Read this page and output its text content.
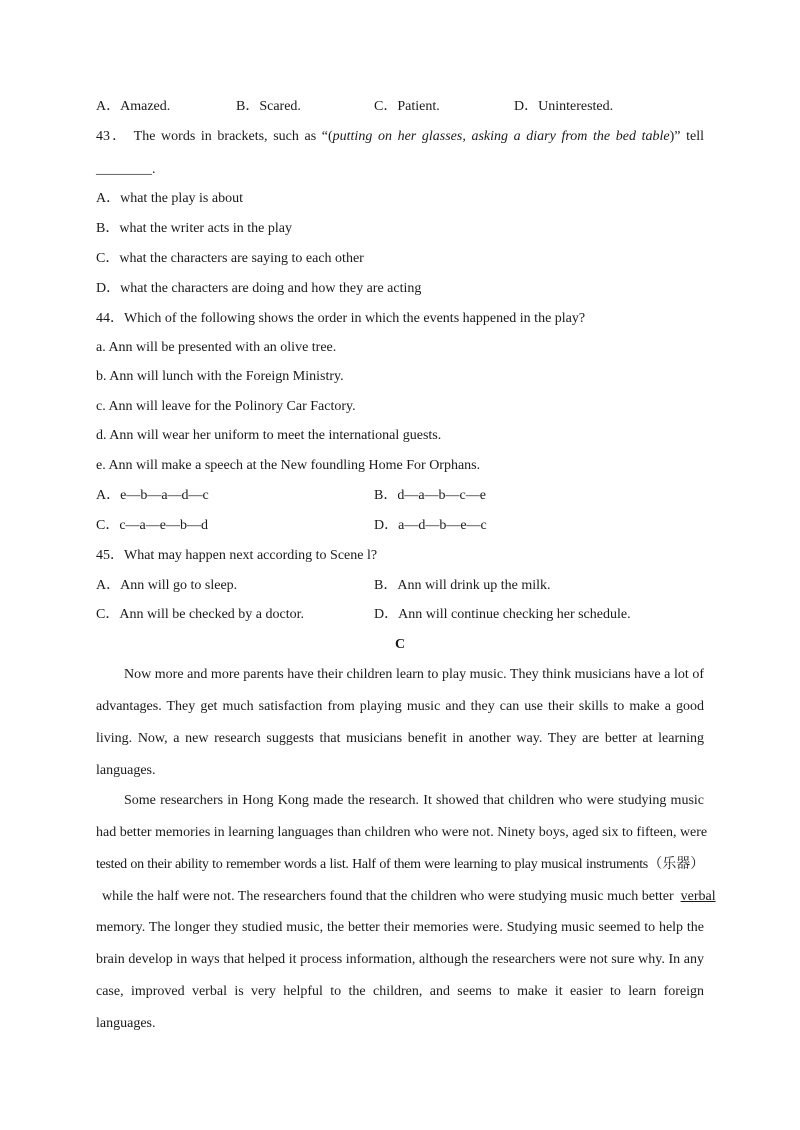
A．Amazed.	B．Scared.	C．Patient.	D．Uninterested.
43． The words in brackets, such as “(putting on her glasses, asking a diary from the bed table)” tell
________.
A．what the play is about
B．what the writer acts in the play
C．what the characters are saying to each other
D．what the characters are doing and how they are acting
44．Which of the following shows the order in which the events happened in the play?
a. Ann will be presented with an olive tree.
b. Ann will lunch with the Foreign Ministry.
c. Ann will leave for the Polinory Car Factory.
d. Ann will wear her uniform to meet the international guests.
e. Ann will make a speech at the New foundling Home For Orphans.
A．e—b—a—d—c	B．d—a—b—c—e
C．c—a—e—b—d	D．a—d—b—e—c
45．What may happen next according to Scene l?
A．Ann will go to sleep.	B．Ann will drink up the milk.
C．Ann will be checked by a doctor.	D．Ann will continue checking her schedule.
C
Now more and more parents have their children learn to play music. They think musicians have a lot of
advantages. They get much satisfaction from playing music and they can use their skills to make a good
living. Now, a new research suggests that musicians benefit in another way. They are better at learning
languages.
Some researchers in Hong Kong made the research. It showed that children who were studying music
had better memories in learning languages than children who were not. Ninety boys, aged six to fifteen, were
tested on their ability to remember words a list. Half of them were learning to play musical instruments（乐器）
while the half were not. The researchers found that the children who were studying music much better verbal
memory. The longer they studied music, the better their memories were. Studying music seemed to help the
brain develop in ways that helped it process information, although the researchers were not sure why. In any
case, improved verbal is very helpful to the children, and seems to make it easier to learn foreign
languages.
